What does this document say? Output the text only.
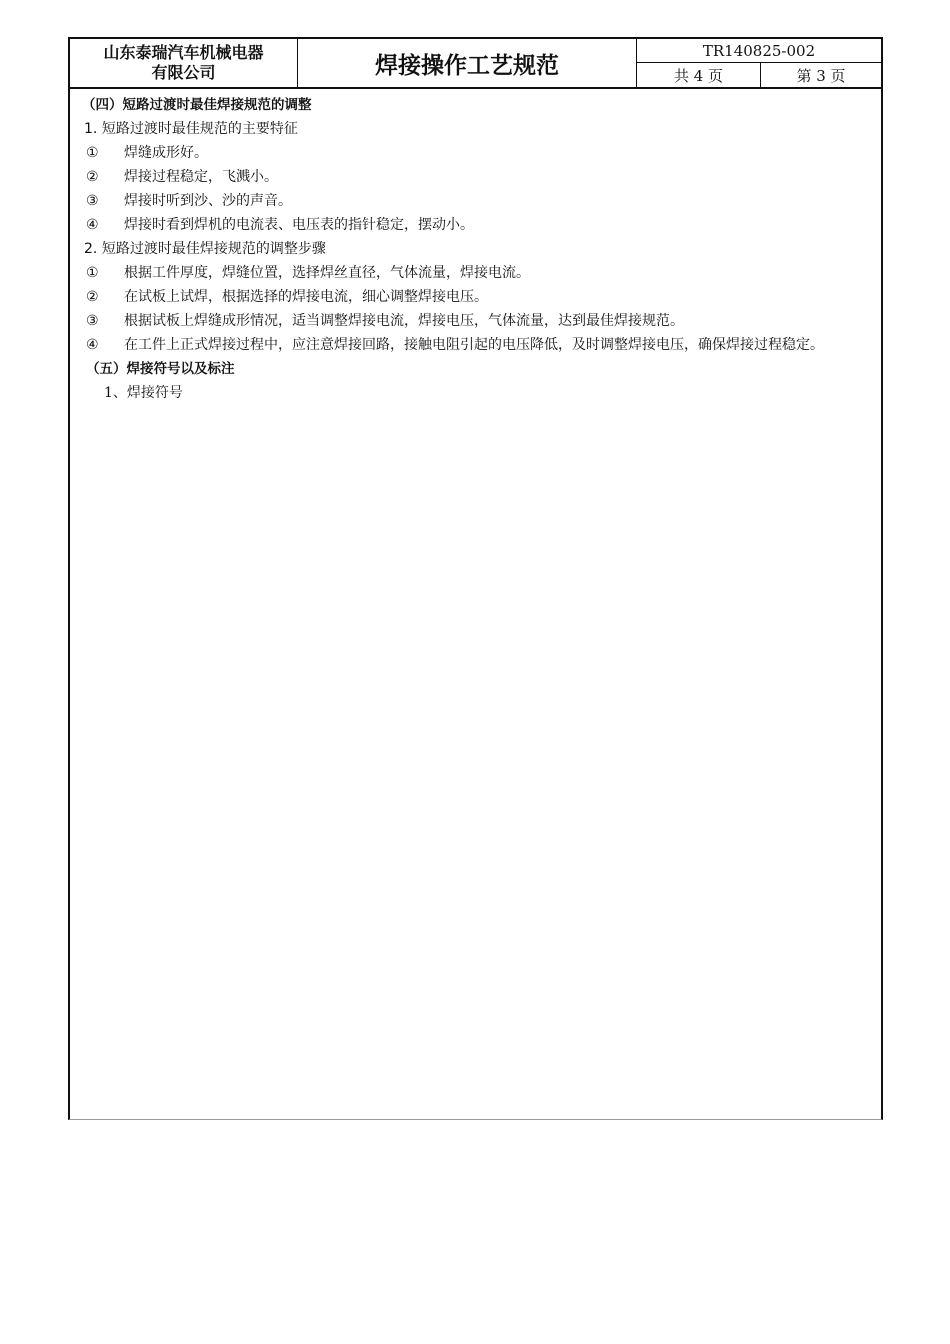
山东泰瑞汽车机械电器
有限公司	焊接操作工艺规范
TR140825-002
共 4 页	第 3 页
（四）短路过渡时最佳焊接规范的调整
1. 短路过渡时最佳规范的主要特征
①	焊缝成形好。
②	焊接过程稳定，飞溅小。
③	焊接时听到沙、沙的声音。
④	焊接时看到焊机的电流表、电压表的指针稳定，摆动小。
2. 短路过渡时最佳焊接规范的调整步骤
①	根据工件厚度，焊缝位置，选择焊丝直径，气体流量，焊接电流。
②	在试板上试焊，根据选择的焊接电流，细心调整焊接电压。
③	根据试板上焊缝成形情况，适当调整焊接电流，焊接电压，气体流量，达到最佳焊接规范。
④ 在工件上正式焊接过程中，应注意焊接回路，接触电阻引起的电压降低，及时调整焊接电压，确保焊接过程稳定。
（五）焊接符号以及标注
1、焊接符号
